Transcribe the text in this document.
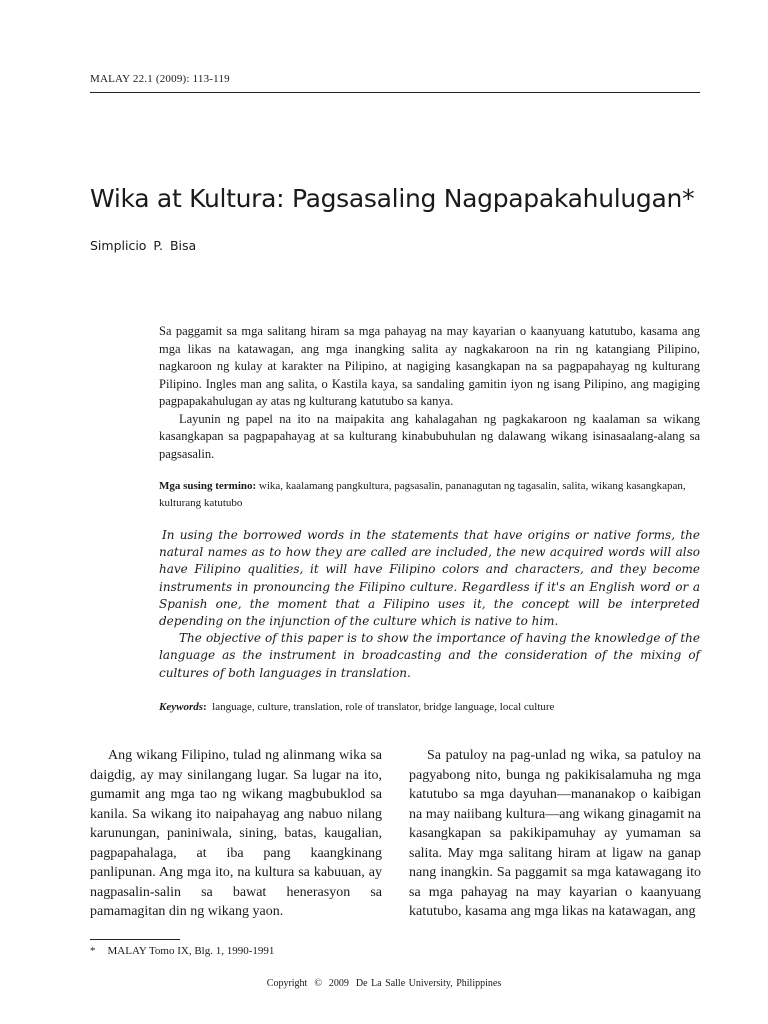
MALAY 22.1 (2009): 113-119
Wika at Kultura: Pagsasaling Nagpapakahulugan*
Simplicio P. Bisa

Sa paggamit sa mga salitang hiram sa mga pahayag na may kayarian o kaanyuang katutubo, kasama ang mga likas na katawagan, ang mga inangking salita ay nagkakaroon na rin ng katangiang Pilipino, nagkaroon ng kulay at karakter na Pilipino, at nagiging kasangkapan na sa pagpapahayag ng kulturang Pilipino. Ingles man ang salita, o Kastila kaya, sa sandaling gamitin iyon ng isang Pilipino, ang magiging pagpapakahulugan ay atas ng kulturang katutubo sa kanya.

Layunin ng papel na ito na maipakita ang kahalagahan ng pagkakaroon ng kaalaman sa wikang kasangkapan sa pagpapahayag at sa kulturang kinabubuhulan ng dalawang wikang isinasaalang-alang sa pagsasalin.

Mga susing termino: wika, kaalamang pangkultura, pagsasalin, pananagutan ng tagasalin, salita, wikang kasangkapan, kulturang katutubo

In using the borrowed words in the statements that have origins or native forms, the natural names as to how they are called are included, the new acquired words will also have Filipino qualities, it will have Filipino colors and characters, and they become instruments in pronouncing the Filipino culture. Regardless if it's an English word or a Spanish one, the moment that a Filipino uses it, the concept will be interpreted depending on the injunction of the culture which is native to him.

The objective of this paper is to show the importance of having the knowledge of the language as the instrument in broadcasting and the consideration of the mixing of cultures of both languages in translation.

Keywords:  language, culture, translation, role of translator, bridge language, local culture

Ang wikang Filipino, tulad ng alinmang wika sa daigdig, ay may sinilangang lugar. Sa lugar na ito, gumamit ang mga tao ng wikang magbubuklod sa kanila. Sa wikang ito naipahayag ang nabuo nilang karunungan, paniniwala, sining, batas, kaugalian, pagpapahalaga, at iba pang kaangkinang panlipunan. Ang mga ito, na kultura sa kabuuan, ay nagpasalin-salin sa bawat henerasyon sa pamamagitan din ng wikang yaon.

Sa patuloy na pag-unlad ng wika, sa patuloy na pagyabong nito, bunga ng pakikisalamuha ng mga katutubo sa mga dayuhan—mananakop o kaibigan na may naiibang kultura—ang wikang ginagamit na kasangkapan sa pakikipamuhay ay yumaman sa salita. May mga salitang hiram at ligaw na ganap nang inangkin. Sa paggamit sa mga katawagang ito sa mga pahayag na may kayarian o kaanyuang katutubo, kasama ang mga likas na katawagan, ang

* MALAY Tomo IX, Blg. 1, 1990-1991
Copyright  ©  2009  De La Salle University, Philippines
